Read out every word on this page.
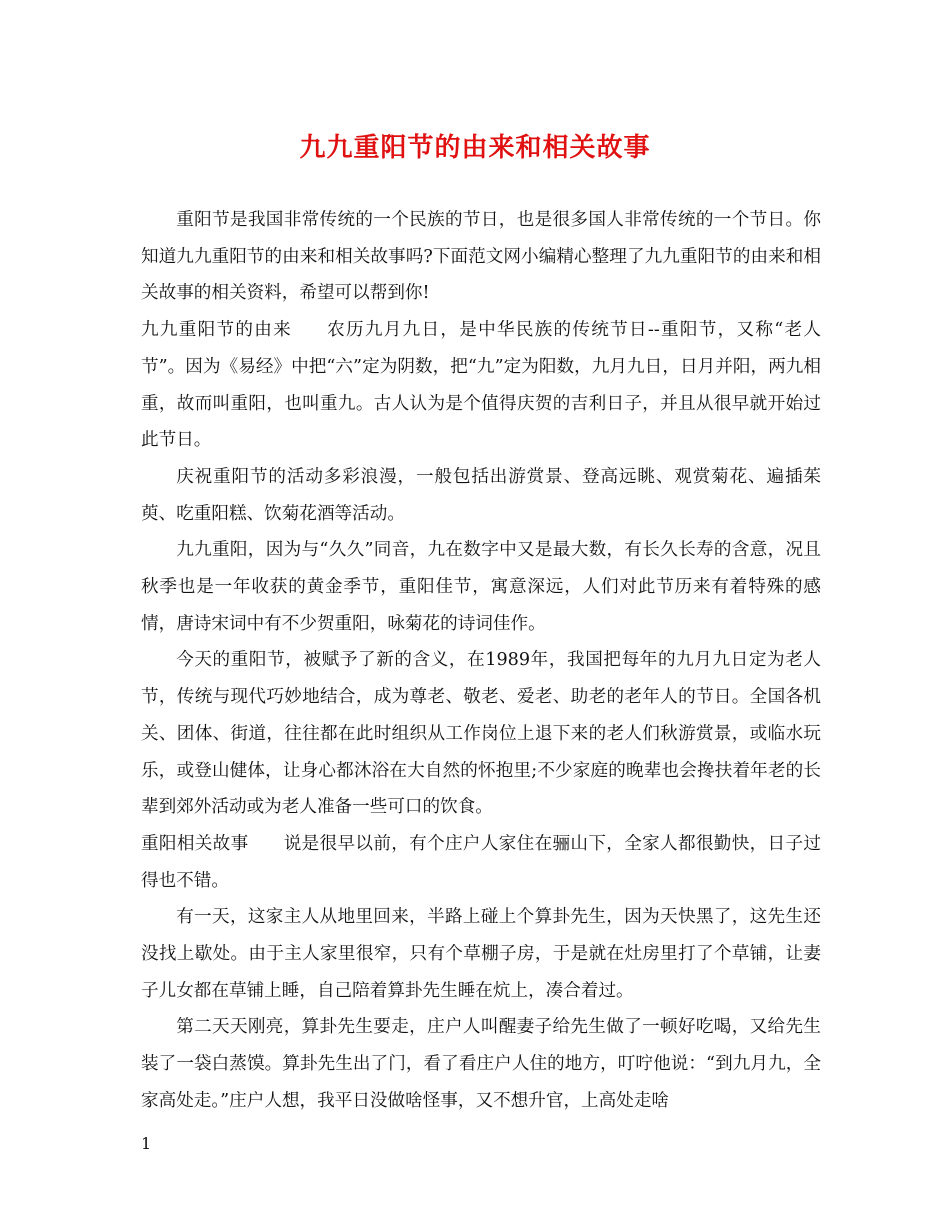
九九重阳节的由来和相关故事

重阳节是我国非常传统的一个民族的节日，也是很多国人非常传统的一个节日。你知道九九重阳节的由来和相关故事吗?下面范文网小编精心整理了九九重阳节的由来和相关故事的相关资料，希望可以帮到你!

九九重阳节的由来 农历九月九日，是中华民族的传统节日--重阳节，又称“老人节”。因为《易经》中把“六”定为阴数，把“九”定为阳数，九月九日，日月并阳，两九相重，故而叫重阳，也叫重九。古人认为是个值得庆贺的吉利日子，并且从很早就开始过此节日。

庆祝重阳节的活动多彩浪漫，一般包括出游赏景、登高远眺、观赏菊花、遍插茱萸、吃重阳糕、饮菊花酒等活动。

九九重阳，因为与“久久”同音，九在数字中又是最大数，有长久长寿的含意，况且秋季也是一年收获的黄金季节，重阳佳节，寓意深远，人们对此节历来有着特殊的感情，唐诗宋词中有不少贺重阳，咏菊花的诗词佳作。

今天的重阳节，被赋予了新的含义，在1989年，我国把每年的九月九日定为老人节，传统与现代巧妙地结合，成为尊老、敬老、爱老、助老的老年人的节日。全国各机关、团体、街道，往往都在此时组织从工作岗位上退下来的老人们秋游赏景，或临水玩乐，或登山健体，让身心都沐浴在大自然的怀抱里;不少家庭的晚辈也会搀扶着年老的长辈到郊外活动或为老人准备一些可口的饮食。

重阳相关故事 说是很早以前，有个庄户人家住在骊山下，全家人都很勤快，日子过得也不错。

有一天，这家主人从地里回来，半路上碰上个算卦先生，因为天快黑了，这先生还没找上歇处。由于主人家里很窄，只有个草棚子房，于是就在灶房里打了个草铺，让妻子儿女都在草铺上睡，自己陪着算卦先生睡在炕上，凑合着过。

第二天天刚亮，算卦先生要走，庄户人叫醒妻子给先生做了一顿好吃喝，又给先生装了一袋白蒸馍。算卦先生出了门，看了看庄户人住的地方，叮咛他说：“到九月九，全家高处走。”庄户人想，我平日没做啥怪事，又不想升官，上高处走啥

1
